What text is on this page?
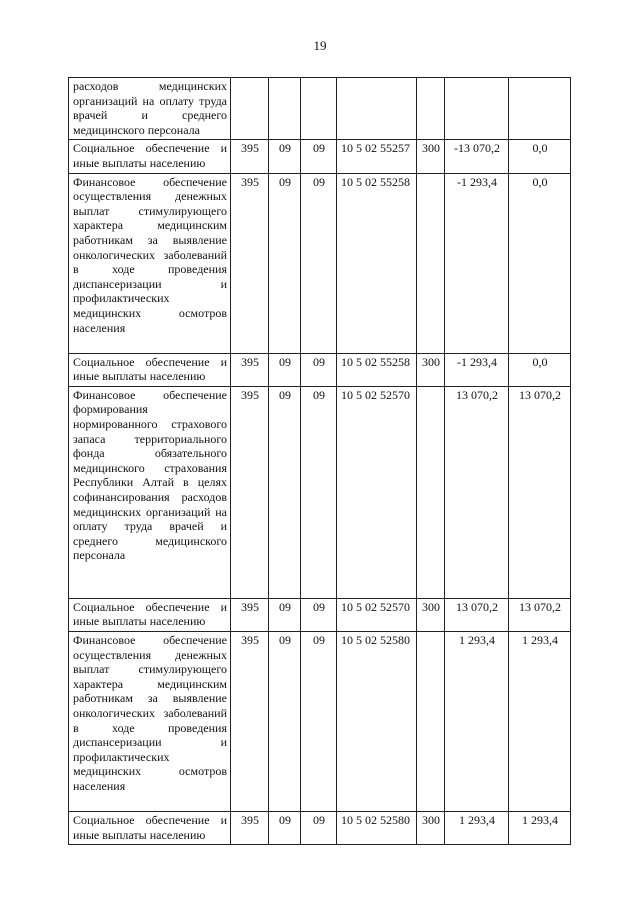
19
расходов медицинских организаций на оплату труда врачей и среднего медицинского персонала							
Социальное обеспечение и иные выплаты населению	395	09	09	10 5 02 55257	300	-13 070,2	0,0
Финансовое обеспечение осуществления денежных выплат стимулирующего характера медицинским работникам за выявление онкологических заболеваний в ходе проведения диспансеризации и профилактических медицинских осмотров населения	395	09	09	10 5 02 55258		-1 293,4	0,0
Социальное обеспечение и иные выплаты населению	395	09	09	10 5 02 55258	300	-1 293,4	0,0
Финансовое обеспечение формирования нормированного страхового запаса территориального фонда обязательного медицинского страхования Республики Алтай в целях софинансирования расходов медицинских организаций на оплату труда врачей и среднего медицинского персонала	395	09	09	10 5 02 52570		13 070,2	13 070,2
Социальное обеспечение и иные выплаты населению	395	09	09	10 5 02 52570	300	13 070,2	13 070,2
Финансовое обеспечение осуществления денежных выплат стимулирующего характера медицинским работникам за выявление онкологических заболеваний в ходе проведения диспансеризации и профилактических медицинских осмотров населения	395	09	09	10 5 02 52580		1 293,4	1 293,4
Социальное обеспечение и иные выплаты населению	395	09	09	10 5 02 52580	300	1 293,4	1 293,4
